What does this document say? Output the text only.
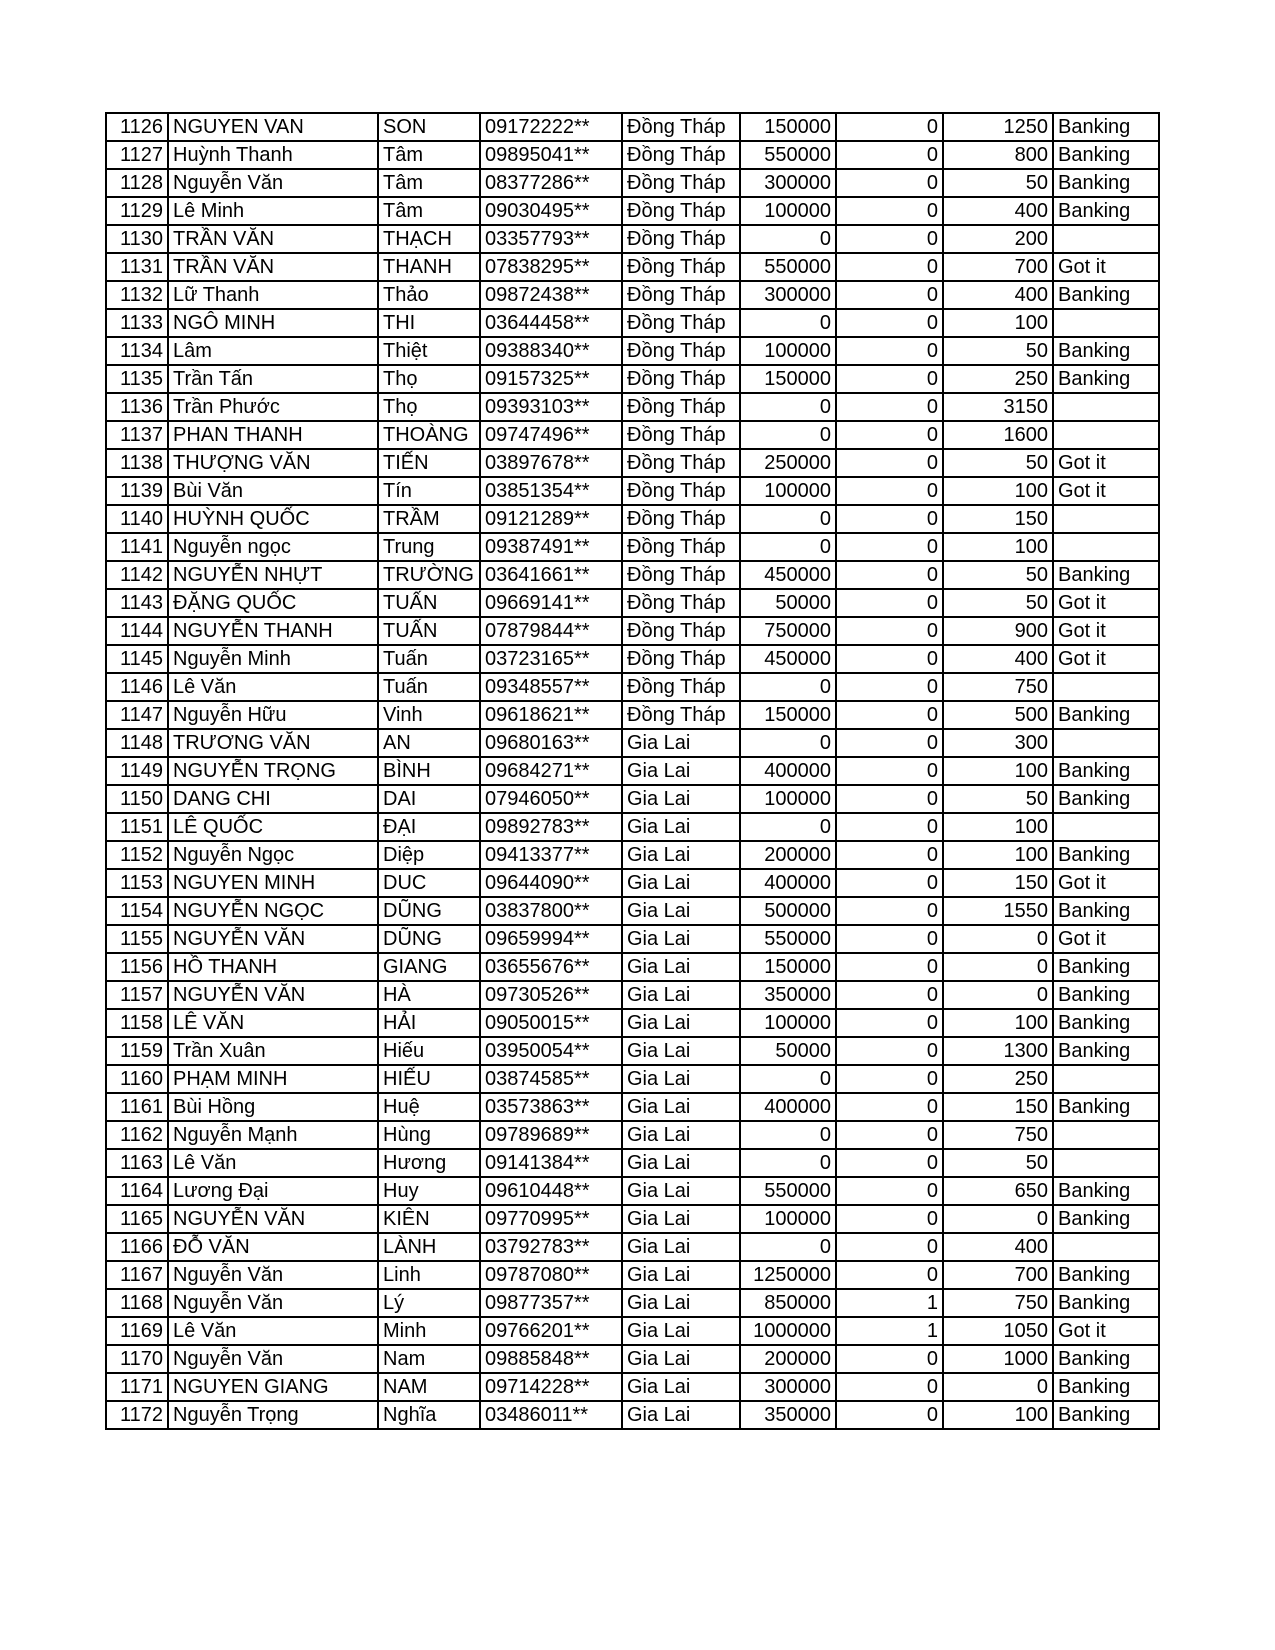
1126	NGUYEN VAN	SON	09172222**	Đồng Tháp	150000	0	1250	Banking
1127	Huỳnh Thanh	Tâm	09895041**	Đồng Tháp	550000	0	800	Banking
1128	Nguyễn Văn	Tâm	08377286**	Đồng Tháp	300000	0	50	Banking
1129	Lê Minh	Tâm	09030495**	Đồng Tháp	100000	0	400	Banking
1130	TRẦN VĂN	THẠCH	03357793**	Đồng Tháp	0	0	200	
1131	TRẦN VĂN	THANH	07838295**	Đồng Tháp	550000	0	700	Got it
1132	Lữ Thanh	Thảo	09872438**	Đồng Tháp	300000	0	400	Banking
1133	NGÔ MINH	THI	03644458**	Đồng Tháp	0	0	100	
1134	Lâm	Thiệt	09388340**	Đồng Tháp	100000	0	50	Banking
1135	Trần Tấn	Thọ	09157325**	Đồng Tháp	150000	0	250	Banking
1136	Trần Phước	Thọ	09393103**	Đồng Tháp	0	0	3150	
1137	PHAN THANH	THOÀNG	09747496**	Đồng Tháp	0	0	1600	
1138	THƯỢNG VĂN	TIẾN	03897678**	Đồng Tháp	250000	0	50	Got it
1139	Bùi Văn	Tín	03851354**	Đồng Tháp	100000	0	100	Got it
1140	HUỲNH QUỐC	TRẦM	09121289**	Đồng Tháp	0	0	150	
1141	Nguyễn ngọc	Trung	09387491**	Đồng Tháp	0	0	100	
1142	NGUYỄN NHỰT	TRƯỜNG	03641661**	Đồng Tháp	450000	0	50	Banking
1143	ĐẶNG QUỐC	TUẤN	09669141**	Đồng Tháp	50000	0	50	Got it
1144	NGUYỄN THANH	TUẤN	07879844**	Đồng Tháp	750000	0	900	Got it
1145	Nguyễn Minh	Tuấn	03723165**	Đồng Tháp	450000	0	400	Got it
1146	Lê Văn	Tuấn	09348557**	Đồng Tháp	0	0	750	
1147	Nguyễn Hữu	Vinh	09618621**	Đồng Tháp	150000	0	500	Banking
1148	TRƯƠNG VĂN	AN	09680163**	Gia Lai	0	0	300	
1149	NGUYỄN TRỌNG	BÌNH	09684271**	Gia Lai	400000	0	100	Banking
1150	DANG CHI	DAI	07946050**	Gia Lai	100000	0	50	Banking
1151	LÊ QUỐC	ĐẠI	09892783**	Gia Lai	0	0	100	
1152	Nguyễn Ngọc	Diệp	09413377**	Gia Lai	200000	0	100	Banking
1153	NGUYEN MINH	DUC	09644090**	Gia Lai	400000	0	150	Got it
1154	NGUYỄN NGỌC	DŨNG	03837800**	Gia Lai	500000	0	1550	Banking
1155	NGUYỄN VĂN	DŨNG	09659994**	Gia Lai	550000	0	0	Got it
1156	HỒ THANH	GIANG	03655676**	Gia Lai	150000	0	0	Banking
1157	NGUYỄN VĂN	HÀ	09730526**	Gia Lai	350000	0	0	Banking
1158	LÊ VĂN	HẢI	09050015**	Gia Lai	100000	0	100	Banking
1159	Trần Xuân	Hiếu	03950054**	Gia Lai	50000	0	1300	Banking
1160	PHẠM MINH	HIẾU	03874585**	Gia Lai	0	0	250	
1161	Bùi Hồng	Huệ	03573863**	Gia Lai	400000	0	150	Banking
1162	Nguyễn Mạnh	Hùng	09789689**	Gia Lai	0	0	750	
1163	Lê Văn	Hương	09141384**	Gia Lai	0	0	50	
1164	Lương Đại	Huy	09610448**	Gia Lai	550000	0	650	Banking
1165	NGUYỄN VĂN	KIÊN	09770995**	Gia Lai	100000	0	0	Banking
1166	ĐỖ VĂN	LÀNH	03792783**	Gia Lai	0	0	400	
1167	Nguyễn Văn	Linh	09787080**	Gia Lai	1250000	0	700	Banking
1168	Nguyễn Văn	Lý	09877357**	Gia Lai	850000	1	750	Banking
1169	Lê Văn	Minh	09766201**	Gia Lai	1000000	1	1050	Got it
1170	Nguyễn Văn	Nam	09885848**	Gia Lai	200000	0	1000	Banking
1171	NGUYEN GIANG	NAM	09714228**	Gia Lai	300000	0	0	Banking
1172	Nguyễn Trọng	Nghĩa	03486011**	Gia Lai	350000	0	100	Banking
